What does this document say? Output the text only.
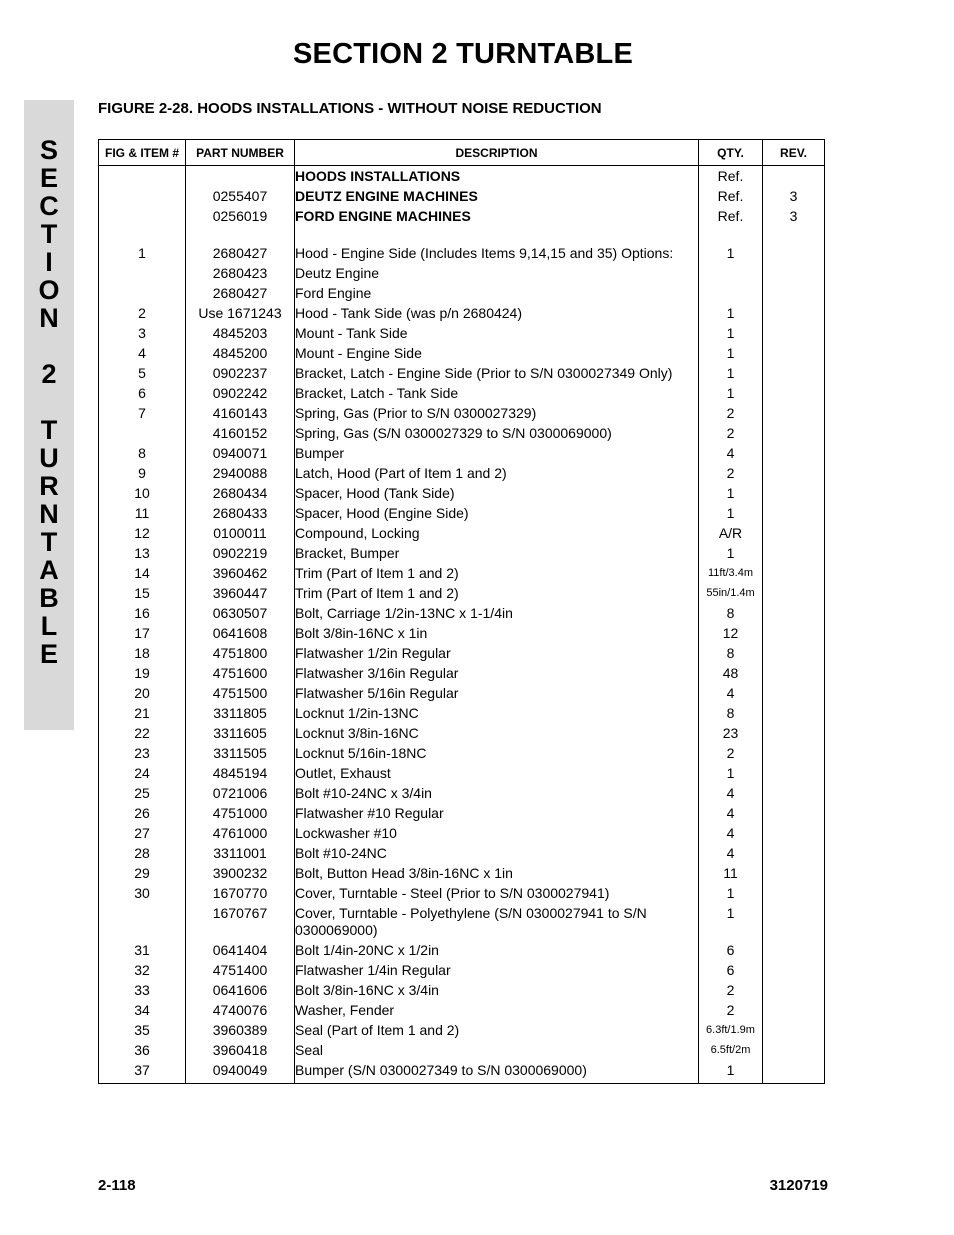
SECTION 2 TURNTABLE
S
E
C
T
I
O
N
2
T
U
R
N
T
A
B
L
E
FIGURE 2-28. HOODS INSTALLATIONS - WITHOUT NOISE REDUCTION
FIG & ITEM #	PART NUMBER	DESCRIPTION	QTY.	REV.
		HOODS INSTALLATIONS	Ref.	
	0255407	DEUTZ ENGINE MACHINES	Ref.	3
	0256019	FORD ENGINE MACHINES	Ref.	3

1	2680427	Hood - Engine Side (Includes Items 9,14,15 and 35) Options:	1	
	2680423	Deutz Engine		
	2680427	Ford Engine		
2	Use 1671243	Hood - Tank Side (was p/n 2680424)	1	
3	4845203	Mount - Tank Side	1	
4	4845200	Mount - Engine Side	1	
5	0902237	Bracket, Latch - Engine Side (Prior to S/N 0300027349 Only)	1	
6	0902242	Bracket, Latch - Tank Side	1	
7	4160143	Spring, Gas (Prior to S/N 0300027329)	2	
	4160152	Spring, Gas (S/N 0300027329 to S/N 0300069000)	2	
8	0940071	Bumper	4	
9	2940088	Latch, Hood (Part of Item 1 and 2)	2	
10	2680434	Spacer, Hood (Tank Side)	1	
11	2680433	Spacer, Hood (Engine Side)	1	
12	0100011	Compound, Locking	A/R	
13	0902219	Bracket, Bumper	1	
14	3960462	Trim (Part of Item 1 and 2)	11ft/3.4m	
15	3960447	Trim (Part of Item 1 and 2)	55in/1.4m	
16	0630507	Bolt, Carriage 1/2in-13NC x 1-1/4in	8	
17	0641608	Bolt 3/8in-16NC x 1in	12	
18	4751800	Flatwasher 1/2in Regular	8	
19	4751600	Flatwasher 3/16in Regular	48	
20	4751500	Flatwasher 5/16in Regular	4	
21	3311805	Locknut 1/2in-13NC	8	
22	3311605	Locknut 3/8in-16NC	23	
23	3311505	Locknut 5/16in-18NC	2	
24	4845194	Outlet, Exhaust	1	
25	0721006	Bolt #10-24NC x 3/4in	4	
26	4751000	Flatwasher #10 Regular	4	
27	4761000	Lockwasher #10	4	
28	3311001	Bolt #10-24NC	4	
29	3900232	Bolt, Button Head 3/8in-16NC x 1in	11	
30	1670770	Cover, Turntable - Steel (Prior to S/N 0300027941)	1	
	1670767	Cover, Turntable - Polyethylene (S/N 0300027941 to S/N 0300069000)	1	
31	0641404	Bolt 1/4in-20NC x 1/2in	6	
32	4751400	Flatwasher 1/4in Regular	6	
33	0641606	Bolt 3/8in-16NC x 3/4in	2	
34	4740076	Washer, Fender	2	
35	3960389	Seal (Part of Item 1 and 2)	6.3ft/1.9m	
36	3960418	Seal	6.5ft/2m	
37	0940049	Bumper (S/N 0300027349 to S/N 0300069000)	1	
2-118	3120719
